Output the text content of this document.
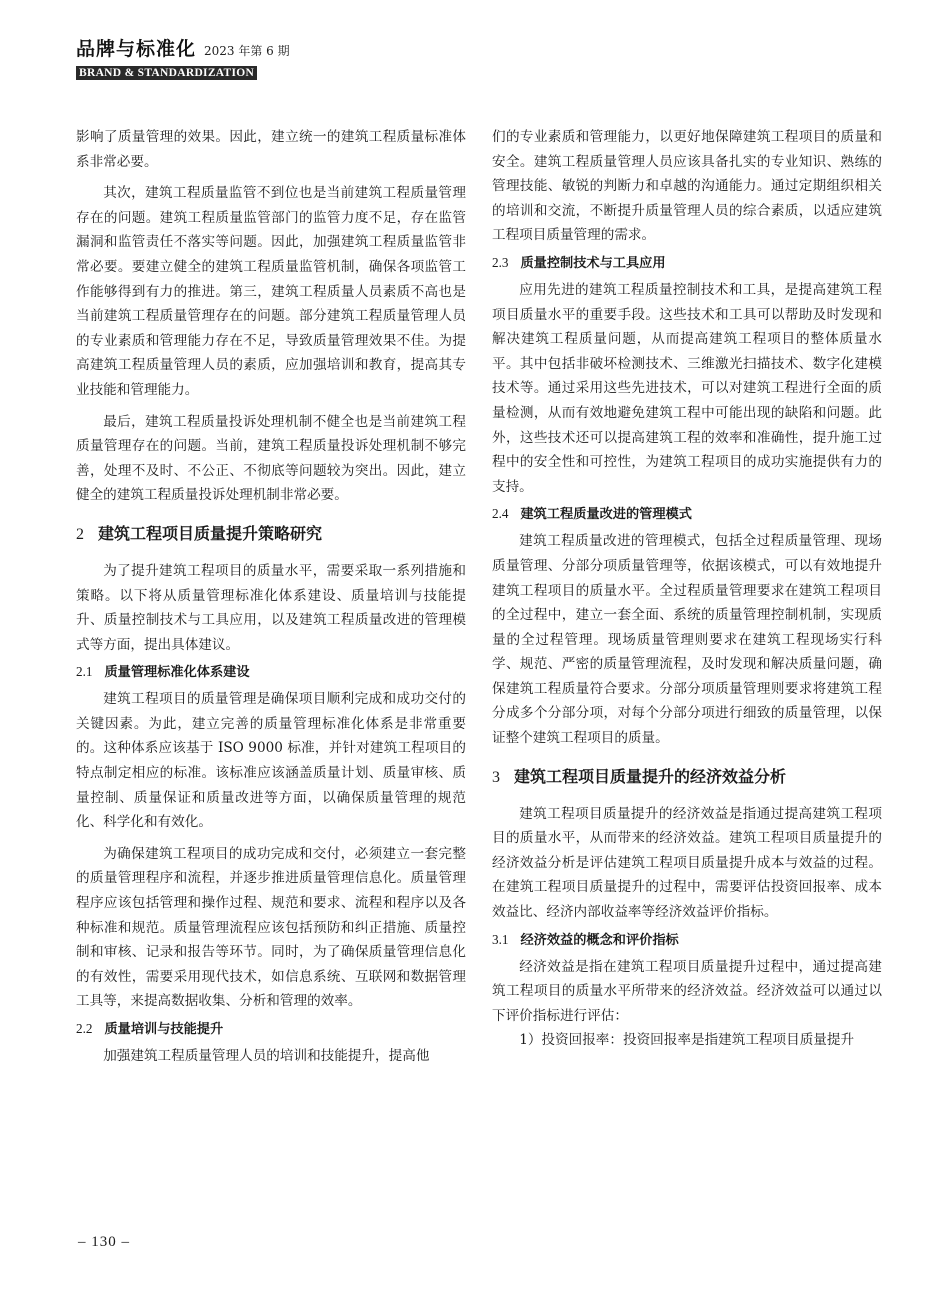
品牌与标准化 2023 年第 6 期
BRAND & STANDARDIZATION

影响了质量管理的效果。因此，建立统一的建筑工程质量标准体系非常必要。

其次，建筑工程质量监管不到位也是当前建筑工程质量管理存在的问题。建筑工程质量监管部门的监管力度不足，存在监管漏洞和监管责任不落实等问题。因此，加强建筑工程质量监管非常必要。要建立健全的建筑工程质量监管机制，确保各项监管工作能够得到有力的推进。第三，建筑工程质量人员素质不高也是当前建筑工程质量管理存在的问题。部分建筑工程质量管理人员的专业素质和管理能力存在不足，导致质量管理效果不佳。为提高建筑工程质量管理人员的素质，应加强培训和教育，提高其专业技能和管理能力。

最后，建筑工程质量投诉处理机制不健全也是当前建筑工程质量管理存在的问题。当前，建筑工程质量投诉处理机制不够完善，处理不及时、不公正、不彻底等问题较为突出。因此，建立健全的建筑工程质量投诉处理机制非常必要。

2 建筑工程项目质量提升策略研究

为了提升建筑工程项目的质量水平，需要采取一系列措施和策略。以下将从质量管理标准化体系建设、质量培训与技能提升、质量控制技术与工具应用，以及建筑工程质量改进的管理模式等方面，提出具体建议。

2.1 质量管理标准化体系建设

建筑工程项目的质量管理是确保项目顺利完成和成功交付的关键因素。为此，建立完善的质量管理标准化体系是非常重要的。这种体系应该基于 ISO 9000 标准，并针对建筑工程项目的特点制定相应的标准。该标准应该涵盖质量计划、质量审核、质量控制、质量保证和质量改进等方面，以确保质量管理的规范化、科学化和有效化。

为确保建筑工程项目的成功完成和交付，必须建立一套完整的质量管理程序和流程，并逐步推进质量管理信息化。质量管理程序应该包括管理和操作过程、规范和要求、流程和程序以及各种标准和规范。质量管理流程应该包括预防和纠正措施、质量控制和审核、记录和报告等环节。同时，为了确保质量管理信息化的有效性，需要采用现代技术，如信息系统、互联网和数据管理工具等，来提高数据收集、分析和管理的效率。

2.2 质量培训与技能提升

加强建筑工程质量管理人员的培训和技能提升，提高他

们的专业素质和管理能力，以更好地保障建筑工程项目的质量和安全。建筑工程质量管理人员应该具备扎实的专业知识、熟练的管理技能、敏锐的判断力和卓越的沟通能力。通过定期组织相关的培训和交流，不断提升质量管理人员的综合素质，以适应建筑工程项目质量管理的需求。

2.3 质量控制技术与工具应用

应用先进的建筑工程质量控制技术和工具，是提高建筑工程项目质量水平的重要手段。这些技术和工具可以帮助及时发现和解决建筑工程质量问题，从而提高建筑工程项目的整体质量水平。其中包括非破坏检测技术、三维激光扫描技术、数字化建模技术等。通过采用这些先进技术，可以对建筑工程进行全面的质量检测，从而有效地避免建筑工程中可能出现的缺陷和问题。此外，这些技术还可以提高建筑工程的效率和准确性，提升施工过程中的安全性和可控性，为建筑工程项目的成功实施提供有力的支持。

2.4 建筑工程质量改进的管理模式

建筑工程质量改进的管理模式，包括全过程质量管理、现场质量管理、分部分项质量管理等，依据该模式，可以有效地提升建筑工程项目的质量水平。全过程质量管理要求在建筑工程项目的全过程中，建立一套全面、系统的质量管理控制机制，实现质量的全过程管理。现场质量管理则要求在建筑工程现场实行科学、规范、严密的质量管理流程，及时发现和解决质量问题，确保建筑工程质量符合要求。分部分项质量管理则要求将建筑工程分成多个分部分项，对每个分部分项进行细致的质量管理，以保证整个建筑工程项目的质量。

3 建筑工程项目质量提升的经济效益分析

建筑工程项目质量提升的经济效益是指通过提高建筑工程项目的质量水平，从而带来的经济效益。建筑工程项目质量提升的经济效益分析是评估建筑工程项目质量提升成本与效益的过程。在建筑工程项目质量提升的过程中，需要评估投资回报率、成本效益比、经济内部收益率等经济效益评价指标。

3.1 经济效益的概念和评价指标

经济效益是指在建筑工程项目质量提升过程中，通过提高建筑工程项目的质量水平所带来的经济效益。经济效益可以通过以下评价指标进行评估：

1）投资回报率：投资回报率是指建筑工程项目质量提升

– 130 –
